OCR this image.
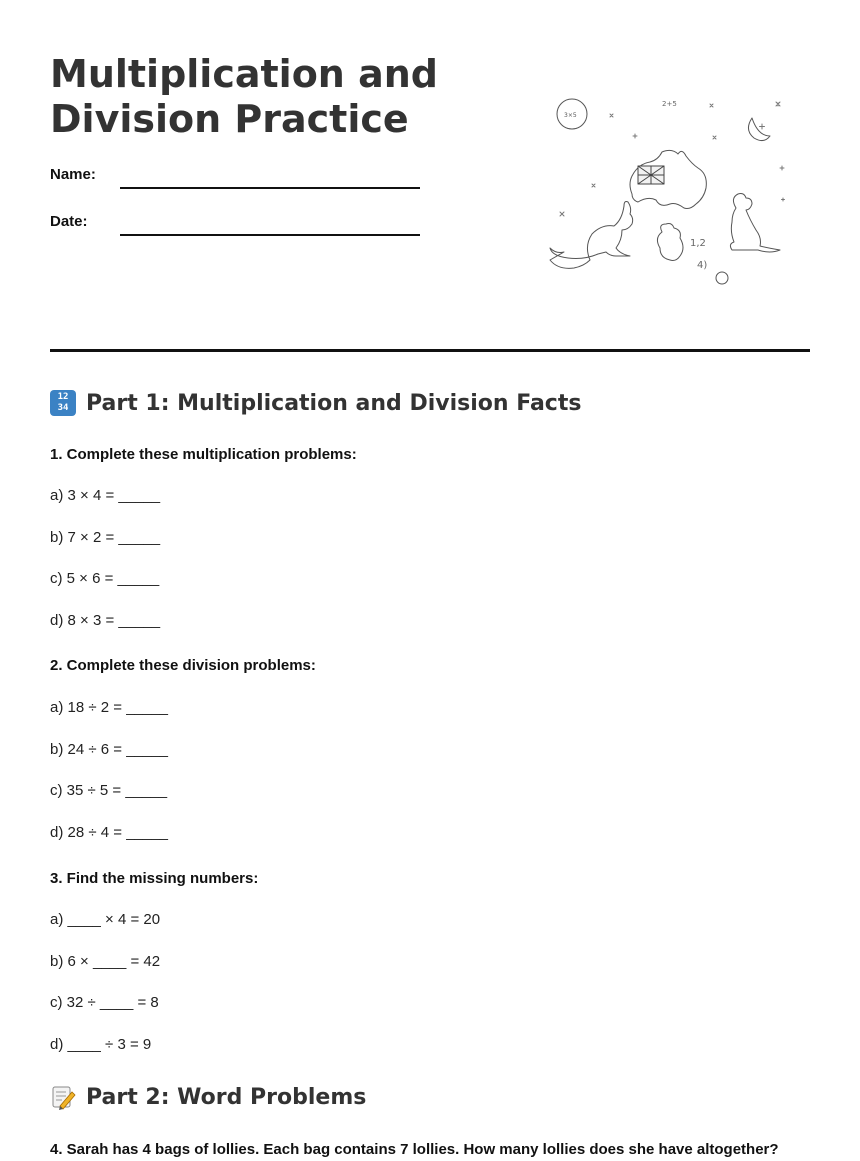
Multiplication and
Division Practice
Name:
Date:
3×5
2+5
1,2
4)
12
34 Part 1: Multiplication and Division Facts

1. Complete these multiplication problems:

a) 3 × 4 = _____

b) 7 × 2 = _____

c) 5 × 6 = _____

d) 8 × 3 = _____

2. Complete these division problems:

a) 18 ÷ 2 = _____

b) 24 ÷ 6 = _____

c) 35 ÷ 5 = _____

d) 28 ÷ 4 = _____

3. Find the missing numbers:

a) ____ × 4 = 20

b) 6 × ____ = 42

c) 32 ÷ ____ = 8

d) ____ ÷ 3 = 9

Part 2: Word Problems

4. Sarah has 4 bags of lollies. Each bag contains 7 lollies. How many lollies does she have altogether?
